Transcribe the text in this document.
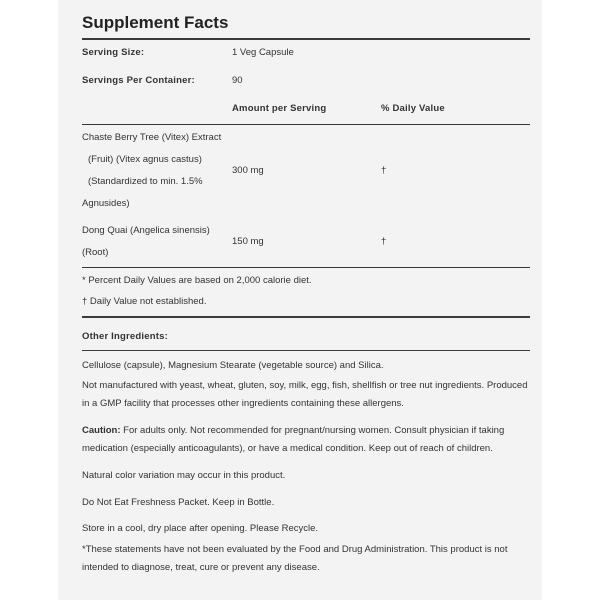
Supplement Facts
Serving Size:	1 Veg Capsule
Servings Per Container:	90
Amount per Serving	% Daily Value
Chaste Berry Tree (Vitex) Extract
(Fruit) (Vitex agnus castus)
(Standardized to min. 1.5%
Agnusides)
300 mg	†
Dong Quai (Angelica sinensis)
(Root)
150 mg	†
* Percent Daily Values are based on 2,000 calorie diet.
† Daily Value not established.
Other Ingredients:
Cellulose (capsule), Magnesium Stearate (vegetable source) and Silica.
Not manufactured with yeast, wheat, gluten, soy, milk, egg, fish, shellfish or tree nut ingredients. Produced in a GMP facility that processes other ingredients containing these allergens.
Caution: For adults only. Not recommended for pregnant/nursing women. Consult physician if taking medication (especially anticoagulants), or have a medical condition. Keep out of reach of children.
Natural color variation may occur in this product.
Do Not Eat Freshness Packet. Keep in Bottle.
Store in a cool, dry place after opening. Please Recycle.
*These statements have not been evaluated by the Food and Drug Administration. This product is not intended to diagnose, treat, cure or prevent any disease.
